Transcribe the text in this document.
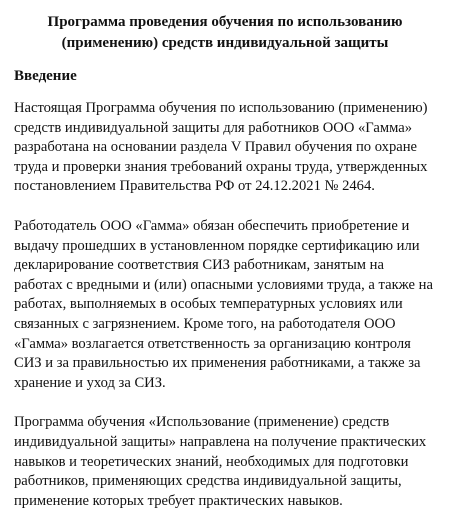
Программа проведения обучения по использованию (применению) средств индивидуальной защиты
Введение

Настоящая Программа обучения по использованию (применению) средств индивидуальной защиты для работников ООО «Гамма» разработана на основании раздела V Правил обучения по охране труда и проверки знания требований охраны труда, утвержденных постановлением Правительства РФ от 24.12.2021 № 2464.

Работодатель ООО «Гамма» обязан обеспечить приобретение и выдачу прошедших в установленном порядке сертификацию или декларирование соответствия СИЗ работникам, занятым на работах с вредными и (или) опасными условиями труда, а также на работах, выполняемых в особых температурных условиях или связанных с загрязнением. Кроме того, на работодателя ООО «Гамма» возлагается ответственность за организацию контроля СИЗ и за правильностью их применения работниками, а также за хранение и уход за СИЗ.

Программа обучения «Использование (применение) средств индивидуальной защиты» направлена на получение практических навыков и теоретических знаний, необходимых для подготовки работников, применяющих средства индивидуальной защиты, применение которых требует практических навыков.
